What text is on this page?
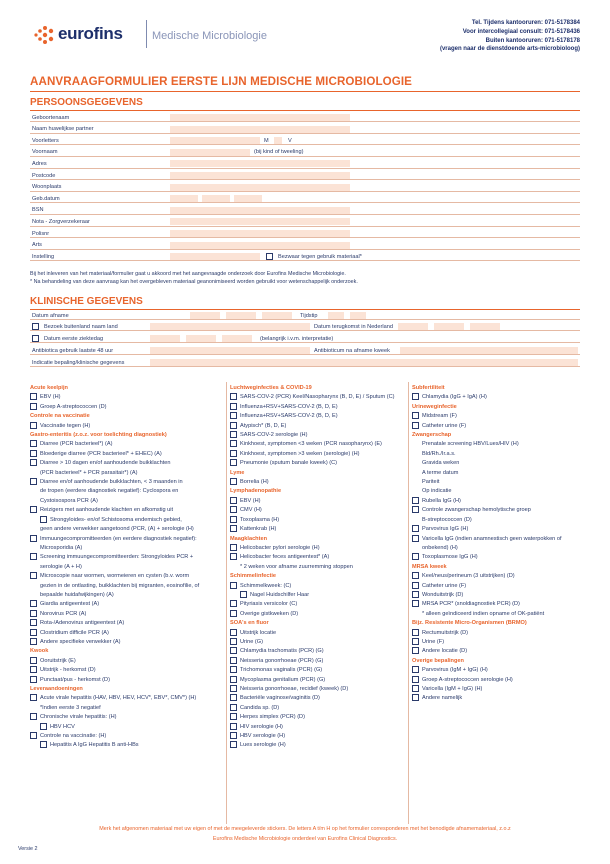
eurofins	Medische Microbiologie
Tel. Tijdens kantooruren: 071-5178384
Voor intercollegiaal consult: 071-5178436
Buiten kantooruren: 071-5178178
(vragen naar de dienstdoende arts-microbioloog)
AANVRAAGFORMULIER EERSTE LIJN MEDISCHE MICROBIOLOGIE
PERSOONSGEGEVENS
Geboortenaam
Naam huwelijkse partner
Voorletters	M	V
Voornaam	(bij kind of tweeling)
Adres
Postcode
Woonplaats
Geb.datum
BSN
Nota - Zorgverzekeraar
Polisnr
Arts
Instelling	Bezwaar tegen gebruik materiaal*
Bij het inleveren van het materiaal/formulier gaat u akkoord met het aangevraagde onderzoek door Eurofins Medische Microbiologie.
* Na behandeling van deze aanvraag kan het overgebleven materiaal geanonimiseerd worden gebruikt voor wetenschappelijk onderzoek.
KLINISCHE GEGEVENS
Datum afname	Tijdstip
Bezoek buitenland naam land	Datum terugkomst in Nederland
Datum eerste ziektedag	(belangrijk i.v.m. interpretatie)
Antibiotica gebruik laatste 48 uur	Antibioticum na afname kweek
Indicatie bepaling/klinische gegevens
Acute keelpijn
EBV (H)
Groep A-streptococcen (D)
Controle na vaccinatie
Vaccinatie tegen (H)
Gastro-enteritis (z.o.z. voor toelichting diagnostiek)
Diarree (PCR bacterieel*) (A)
Bloederige diarree (PCR bacterieel* + EHEC) (A)
Diarree > 10 dagen en/of aanhoudende buikklachten
(PCR bacterieel* + PCR parasitair*) (A)
Diarree en/of aanhoudende buikklachten, < 3 maanden in
de tropen (eerdere diagnostiek negatief): Cyclospora en
Cystoisospora PCR (A)
Reizigers met aanhoudende klachten en afkomstig uit
Strongyloides- en/of Schistosoma endemisch gebied,
geen andere verwekker aangetoond (PCR, (A) + serologie (H)
Immuungecompromitteerden (en eerdere diagnostiek negatief):
Microsporidia (A)
Screening immuungecompromitteerden: Strongyloides PCR +
serologie (A + H)
Microscopie naar wormen, wormeieren en cysten (b.v. worm
gezien in de ontlasting, buikklachten bij migranten, eosinofilie, of
bepaalde huidafwijkingen) (A)
Giardia antigeentest (A)
Norovirus PCR (A)
Rota-/Adenovirus antigeentest (A)
Clostridium difficile PCR (A)
Andere specifieke verwekker (A)
Kwook
Ooruitstrijk (E)
Uitstrijk - herkomst (D)
Punctaat/pus - herkomst (D)
Leveraandoeningen
Acute virale hepatitis (HAV, HBV, HEV, HCV*, EBV*, CMV*) (H)
*Indien eerste 3 negatief
Chronische virale hepatitis: (H)
HBV HCV
Controle na vaccinatie: (H)
Hepatitis A IgG Hepatitis B anti-HBs
Luchtweginfecties & COVID-19
SARS-COV-2 (PCR) Keel/Nasopharynx (B, D, E) / Sputum (C)
Influenza+RSV+SARS-COV-2 (B, D, E)
Influenza+RSV+SARS-COV-2 (B, D, E)
Atypisch* (B, D, E)
SARS-COV-2 serologie (H)
Kinkhoest, symptomen <3 weken (PCR nasopharynx) (E)
Kinkhoest, symptomen >3 weken (serologie) (H)
Pneumonie (sputum banale kweek) (C)
Lyme
Borrelia (H)
Lymphadenopathie
EBV (H)
CMV (H)
Toxoplasma (H)
Kattenkrab (H)
Maagklachten
Helicobacter pylori serologie (H)
Helicobacter feces antigeentest* (A)
* 2 weken voor afname zuurremming stoppen
Schimmelinfectie
Schimmelkweek: (C)
Nagel Huidschilfer Haar
Pityriasis versicolor (C)
Overige gistkweken (D)
SOA's en fluor
Uitstrijk locatie
Urine (G)
Chlamydia trachomatis (PCR) (G)
Neisseria gonorrhoeae (PCR) (G)
Trichomonas vaginalis (PCR) (G)
Mycoplasma genitalium (PCR) (G)
Neisseria gonorrhoeae, recidief (kweek) (D)
Bacteriële vaginose/vaginitis (D)
Candida sp. (D)
Herpes simplex (PCR) (D)
HIV serologie (H)
HBV serologie (H)
Lues serologie (H)
Subfertiliteit
Chlamydia (IgG + IgA) (H)
Urineweginfectie
Midstream (F)
Catheter urine (F)
Zwangerschap
Prenatale screening HBV/Lues/HIV (H)
Bld/Rh./Ir.a.s.
Gravida weken
A terme datum
Pariteit
Op indicatie
Rubella IgG (H)
Controle zwangerschap hemolytische groep
B-streptococcen (D)
Parvovirus IgG (H)
Varicella IgG (indien anamnestisch geen waterpokken of
onbekend) (H)
Toxoplasmose IgG (H)
MRSA kweek
Keel/neus/perineum (3 uitstrijken) (D)
Catheter urine (F)
Wonduitstrijk (D)
MRSA PCR* (snoldiagnostiek PCR) (D)
* alleen geïndiceerd indien opname of OK-patiënt
Bijz. Resistente Micro-Organismen (BRMO)
Rectumuitstrijk (D)
Urine (F)
Andere locatie (D)
Overige bepalingen
Parvovirus (IgM + IgG) (H)
Groep A-streptococcen serologie (H)
Varicella (IgM + IgG) (H)
Andere namelijk
Merk het afgenomen materiaal met uw eigen of met de meegeleverde stickers. De letters A t/m H op het formulier corresponderen met het benodigde afnamemateriaal, z.o.z
Eurofins Medische Microbiologie onderdeel van Eurofins Clinical Diagnostics.
Versie 2
